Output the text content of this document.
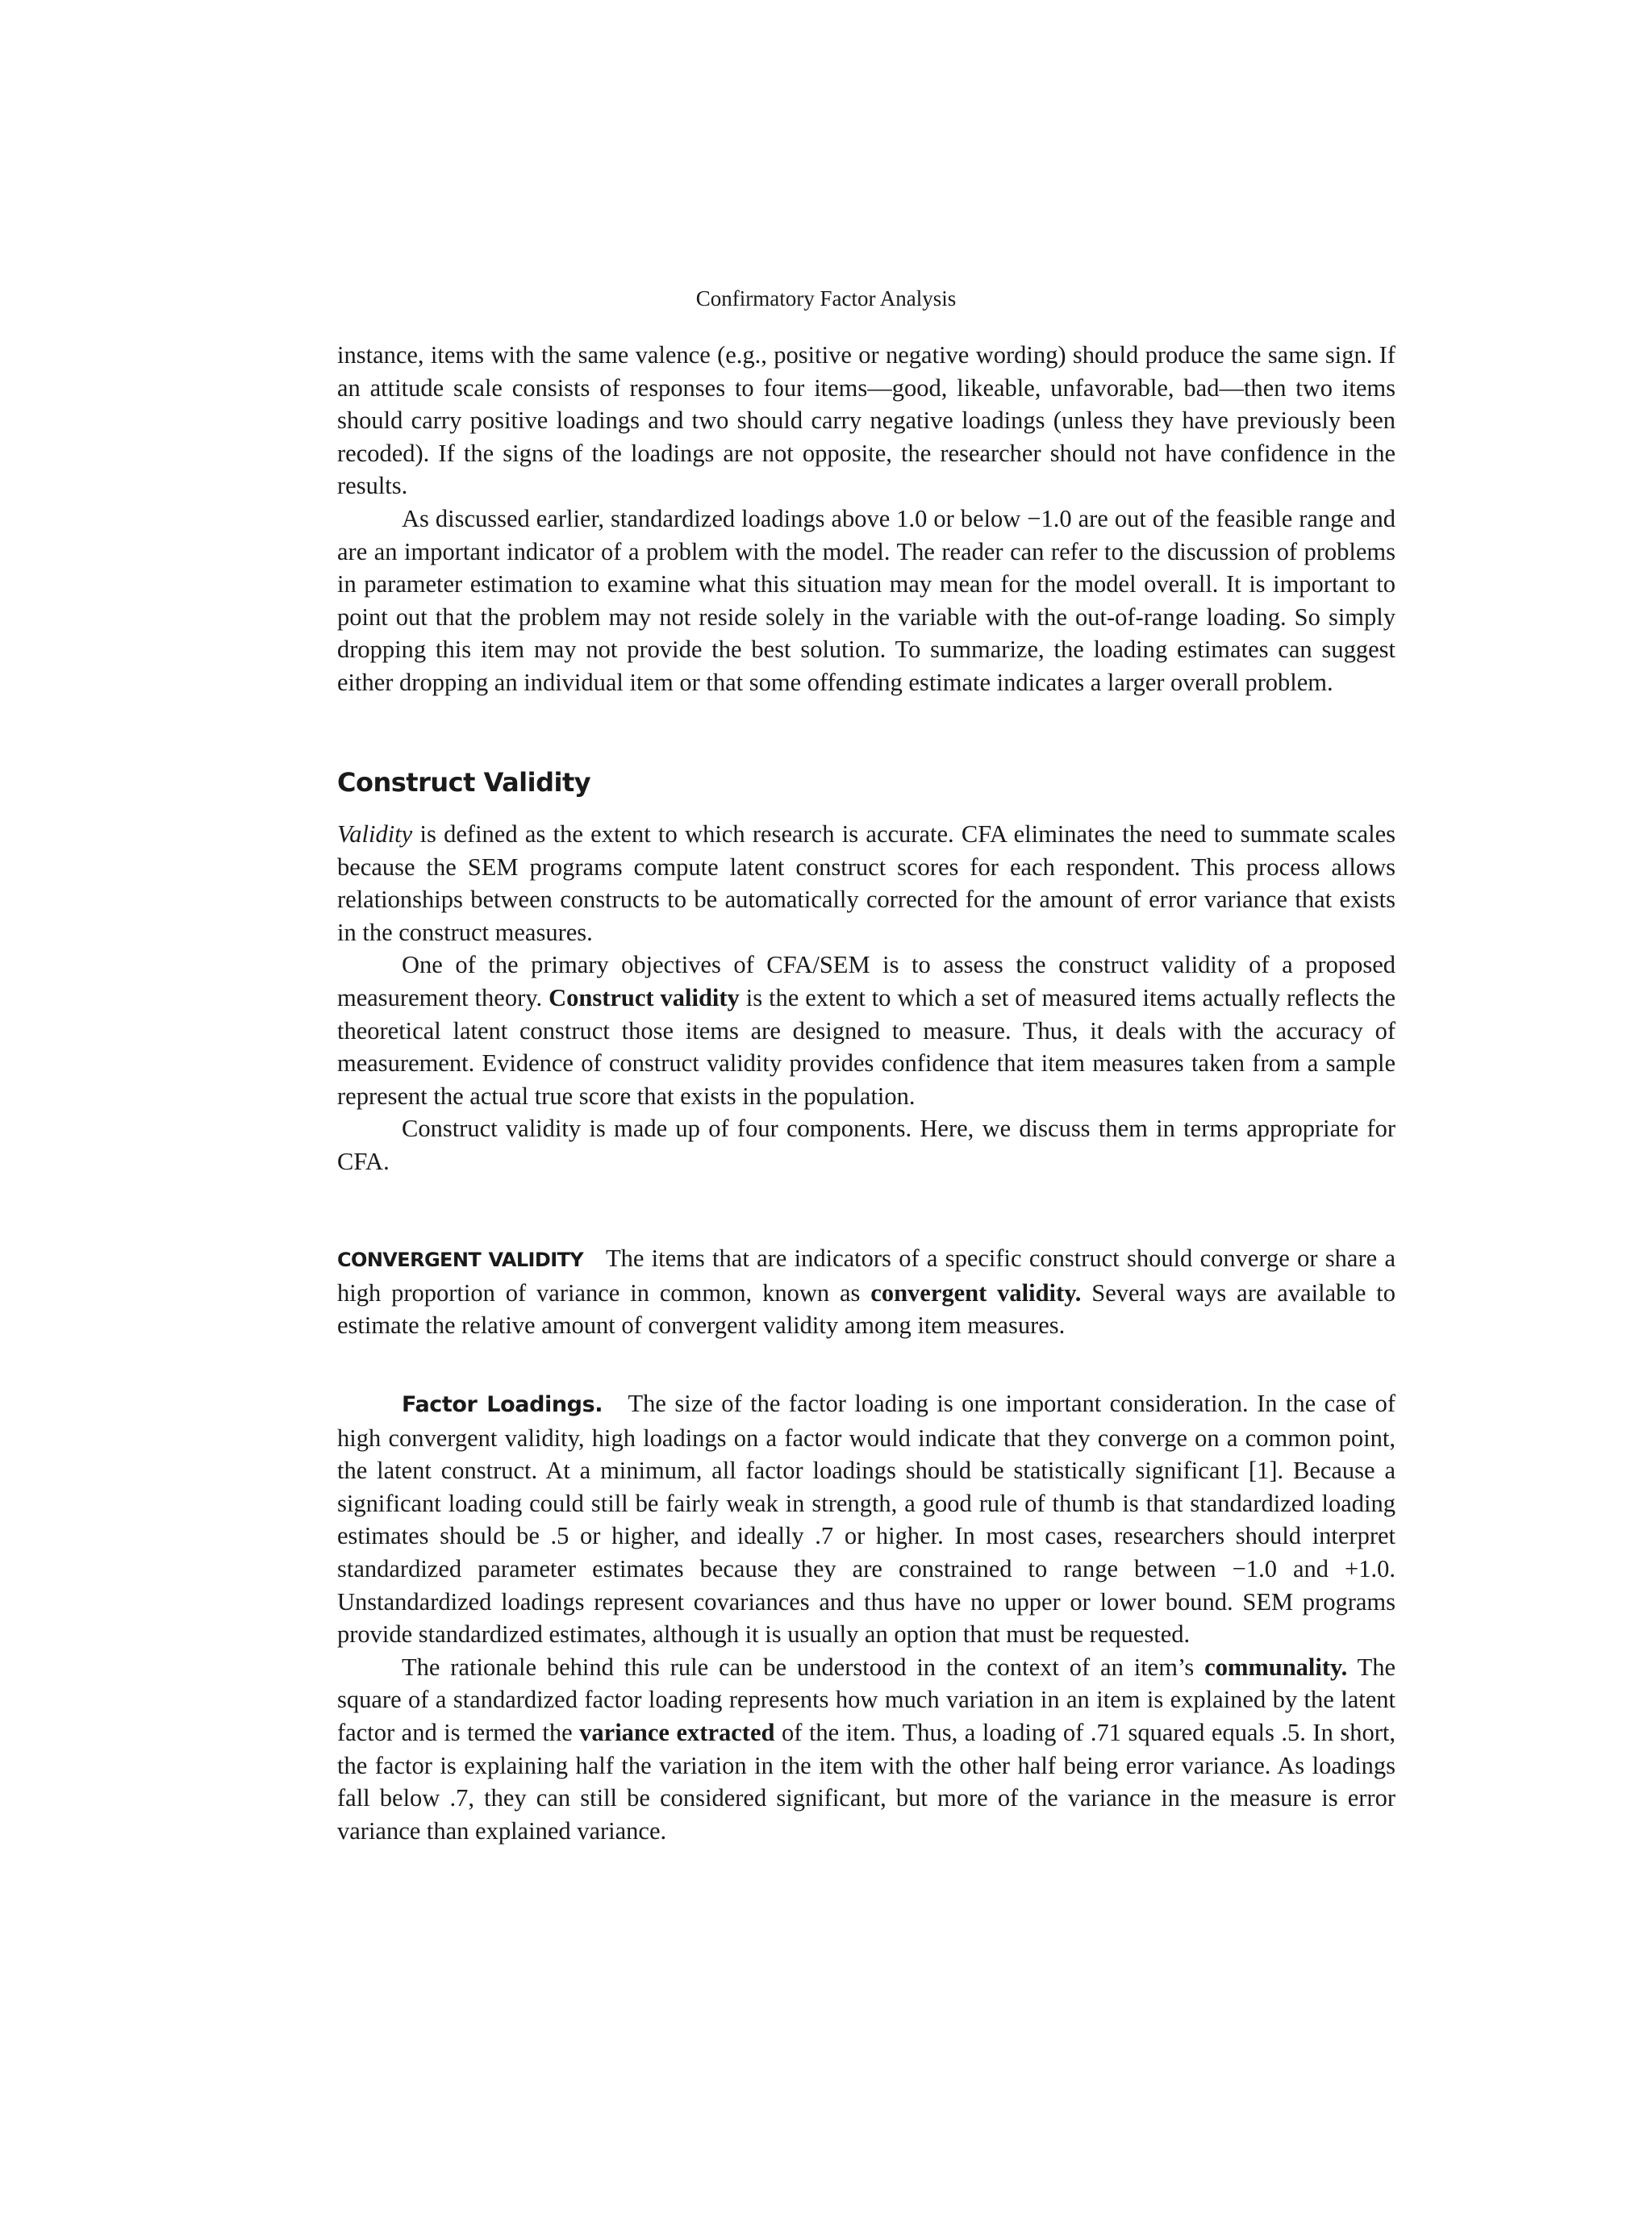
Confirmatory Factor Analysis

instance, items with the same valence (e.g., positive or negative wording) should produce the same sign. If an attitude scale consists of responses to four items—good, likeable, unfavorable, bad—then two items should carry positive loadings and two should carry negative loadings (unless they have previously been recoded). If the signs of the loadings are not opposite, the researcher should not have confidence in the results.

As discussed earlier, standardized loadings above 1.0 or below −1.0 are out of the feasible range and are an important indicator of a problem with the model. The reader can refer to the discussion of problems in parameter estimation to examine what this situation may mean for the model overall. It is important to point out that the problem may not reside solely in the variable with the out-of-range loading. So simply dropping this item may not provide the best solution. To summarize, the loading estimates can suggest either dropping an individual item or that some offending estimate indicates a larger overall problem.

Construct Validity

Validity is defined as the extent to which research is accurate. CFA eliminates the need to summate scales because the SEM programs compute latent construct scores for each respondent. This process allows relationships between constructs to be automatically corrected for the amount of error variance that exists in the construct measures.

One of the primary objectives of CFA/SEM is to assess the construct validity of a proposed measurement theory. Construct validity is the extent to which a set of measured items actually reflects the theoretical latent construct those items are designed to measure. Thus, it deals with the accuracy of measurement. Evidence of construct validity provides confidence that item measures taken from a sample represent the actual true score that exists in the population.

Construct validity is made up of four components. Here, we discuss them in terms appropriate for CFA.

CONVERGENT VALIDITY The items that are indicators of a specific construct should converge or share a high proportion of variance in common, known as convergent validity. Several ways are available to estimate the relative amount of convergent validity among item measures.

Factor Loadings. The size of the factor loading is one important consideration. In the case of high convergent validity, high loadings on a factor would indicate that they converge on a common point, the latent construct. At a minimum, all factor loadings should be statistically significant [1]. Because a significant loading could still be fairly weak in strength, a good rule of thumb is that standardized loading estimates should be .5 or higher, and ideally .7 or higher. In most cases, researchers should interpret standardized parameter estimates because they are constrained to range between −1.0 and +1.0. Unstandardized loadings represent covariances and thus have no upper or lower bound. SEM programs provide standardized estimates, although it is usually an option that must be requested.

The rationale behind this rule can be understood in the context of an item’s communality. The square of a standardized factor loading represents how much variation in an item is explained by the latent factor and is termed the variance extracted of the item. Thus, a loading of .71 squared equals .5. In short, the factor is explaining half the variation in the item with the other half being error variance. As loadings fall below .7, they can still be considered significant, but more of the variance in the measure is error variance than explained variance.
